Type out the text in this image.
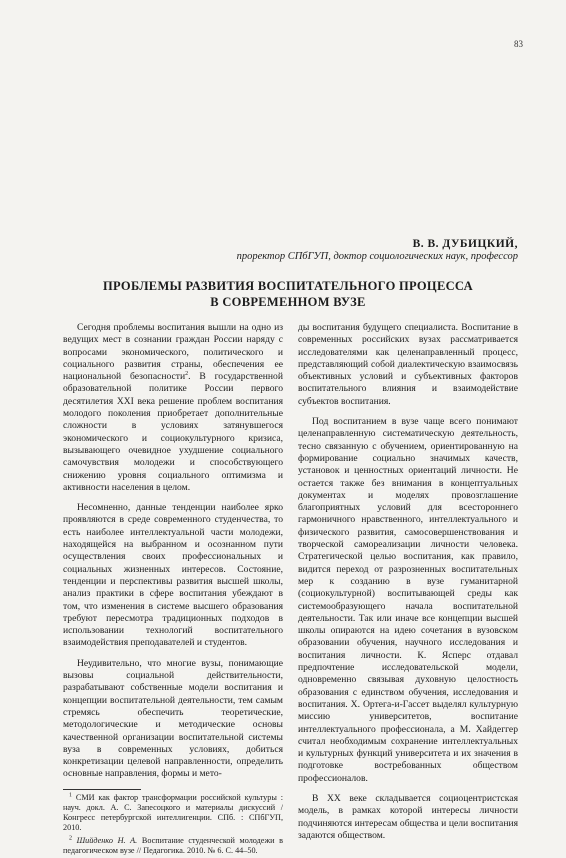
83
В. В. ДУБИЦКИЙ,
проректор СПбГУП, доктор социологических наук, профессор
ПРОБЛЕМЫ РАЗВИТИЯ ВОСПИТАТЕЛЬНОГО ПРОЦЕССА
В СОВРЕМЕННОМ ВУЗЕ

Сегодня проблемы воспитания вышли на одно из ведущих мест в сознании граждан России наряду с вопросами экономического, политического и социального развития страны, обеспечения ее национальной безопасности$^2$. В государственной образовательной политике России первого десятилетия XXI века решение проблем воспитания молодого поколения приобретает дополнительные сложности в условиях затянувшегося экономического и социокультурного кризиса, вызывающего очевидное ухудшение социального самочувствия молодежи и способствующего снижению уровня социального оптимизма и активности населения в целом.

Несомненно, данные тенденции наиболее ярко проявляются в среде современного студенчества, то есть наиболее интеллектуальной части молодежи, находящейся на выбранном и осознанном пути осуществления своих профессиональных и социальных жизненных интересов. Состояние, тенденции и перспективы развития высшей школы, анализ практики в сфере воспитания убеждают в том, что изменения в системе высшего образования требуют пересмотра традиционных подходов в использовании технологий воспитательного взаимодействия преподавателей и студентов.

Неудивительно, что многие вузы, понимающие вызовы социальной действительности, разрабатывают собственные модели воспитания и концепции воспитательной деятельности, тем самым стремясь обеспечить теоретические, методологические и методические основы качественной организации воспитательной системы вуза в современных условиях, добиться конкретизации целевой направленности, определить основные направления, формы и мето-

$^1$ СМИ как фактор трансформации российской культуры : науч. докл. А. С. Запесоцкого и материалы дискуссий / Конгресс петербургской интеллигенции. СПб. : СПбГУП, 2010.

$^2$ Шийденко Н. А. Воспитание студенческой молодежи в педагогическом вузе // Педагогика. 2010. № 6. С. 44–50.

ды воспитания будущего специалиста. Воспитание в современных российских вузах рассматривается исследователями как целенаправленный процесс, представляющий собой диалектическую взаимосвязь объективных условий и субъективных факторов воспитательного влияния и взаимодействие субъектов воспитания.

Под воспитанием в вузе чаще всего понимают целенаправленную систематическую деятельность, тесно связанную с обучением, ориентированную на формирование социально значимых качеств, установок и ценностных ориентаций личности. Не остается также без внимания в концептуальных документах и моделях провозглашение благоприятных условий для всестороннего гармоничного нравственного, интеллектуального и физического развития, самосовершенствования и творческой самореализации личности человека. Стратегической целью воспитания, как правило, видится переход от разрозненных воспитательных мер к созданию в вузе гуманитарной (социокультурной) воспитывающей среды как системообразующего начала воспитательной деятельности. Так или иначе все концепции высшей школы опираются на идею сочетания в вузовском образовании обучения, научного исследования и воспитания личности. К. Ясперс отдавал предпочтение исследовательской модели, одновременно связывая духовную целостность образования с единством обучения, исследования и воспитания. Х. Ортега-и-Гассет выделял культурную миссию университетов, воспитание интеллектуального профессионала, а М. Хайдеггер считал необходимым сохранение интеллектуальных и культурных функций университета и их значения в подготовке востребованных обществом профессионалов.

В XX веке складывается социоцентристская модель, в рамках которой интересы личности подчиняются интересам общества и цели воспитания задаются обществом.
